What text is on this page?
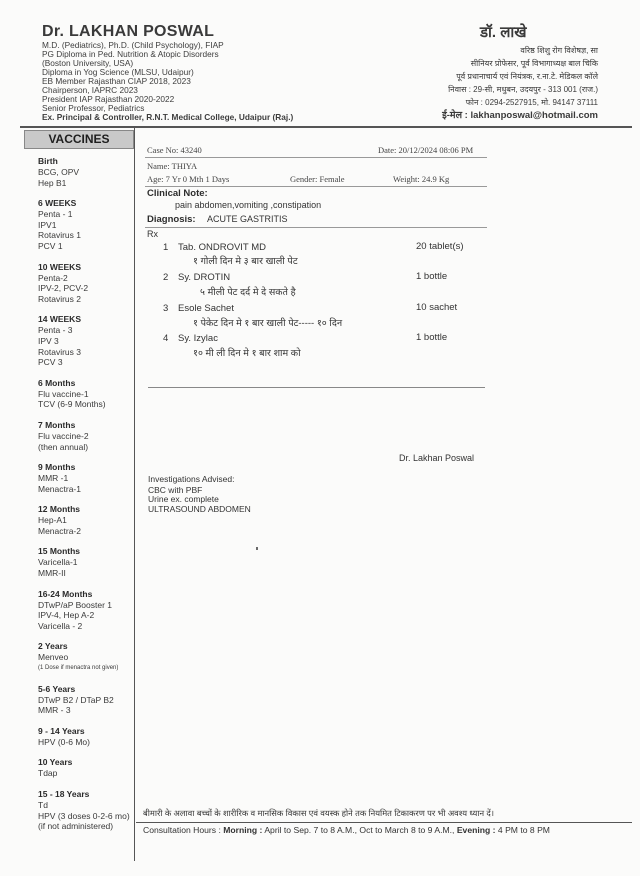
Dr. LAKHAN POSWAL
M.D. (Pediatrics), Ph.D. (Child Psychology), FIAP
PG Diploma in Ped. Nutrition & Atopic Disorders
(Boston University, USA)
Diploma in Yog Science (MLSU, Udaipur)
EB Member Rajasthan CIAP 2018, 2023
Chairperson, IAPRC 2023
President IAP Rajasthan 2020-2022
Senior Professor, Pediatrics
Ex. Principal & Controller, R.N.T. Medical College, Udaipur (Raj.)
डॉ. लाखे
वरिष्ठ शिशु रोग विशेषज्ञ, सा
सीनियर प्रोफेसर, पूर्व विभागाध्यक्ष बाल चिकि
पूर्व प्रधानाचार्य एवं नियंत्रक, र.ना.टे. मेडिकल कॉले
निवास : 29-सी, मधुबन, उदयपुर - 313 001 (राज.)
फोन : 0294-2527915, मो. 94147 37111
ई-मेल : lakhanposwal@hotmail.com
VACCINES
Birth
BCG, OPV
Hep B1
6 WEEKS
Penta - 1
IPV1
Rotavirus 1
PCV 1
10 WEEKS
Penta-2
IPV-2, PCV-2
Rotavirus 2
14 WEEKS
Penta - 3
IPV 3
Rotavirus 3
PCV 3
6 Months
Flu vaccine-1
TCV (6-9 Months)
7 Months
Flu vaccine-2
(then annual)
9 Months
MMR -1
Menactra-1
12 Months
Hep-A1
Menactra-2
15 Months
Varicella-1
MMR-II
16-24 Months
DTwP/aP Booster 1
IPV-4, Hep A-2
Varicella - 2
2 Years
Menveo
(1 Dose if menactra not given)
5-6 Years
DTwP B2 / DTaP B2
MMR - 3
9 - 14 Years
HPV (0-6 Mo)
10 Years
Tdap
15 - 18 Years
Td
HPV (3 doses 0-2-6 mo)
(if not administered)
Case No: 43240	Date: 20/12/2024 08:06 PM
Name: THIYA
Age: 7 Yr 0 Mth 1 Days	Gender: Female	Weight: 24.9 Kg
Clinical Note:
pain abdomen,vomiting ,constipation
Diagnosis: ACUTE GASTRITIS
Rx
1 Tab. ONDROVIT MD	20 tablet(s)
१ गोली दिन मे ३ बार खाली पेट
2 Sy. DROTIN	1 bottle
५ मीली पेट दर्द मे दे सकते है
3 Esole Sachet	10 sachet
१ पेकेट दिन मे १ बार खाली पेट----- १० दिन
4 Sy. Izylac	1 bottle
१० मी ली दिन मे १ बार शाम को
Dr. Lakhan Poswal
Investigations Advised:
CBC with PBF
Urine ex. complete
ULTRASOUND ABDOMEN
बीमारी के अलावा बच्चों के शारीरिक व मानसिक विकास एवं वयस्क होने तक नियमित टिकाकरण पर भी अवश्य ध्यान दें।
Consultation Hours : Morning : April to Sep. 7 to 8 A.M., Oct to March 8 to 9 A.M., Evening : 4 PM to 8 PM
